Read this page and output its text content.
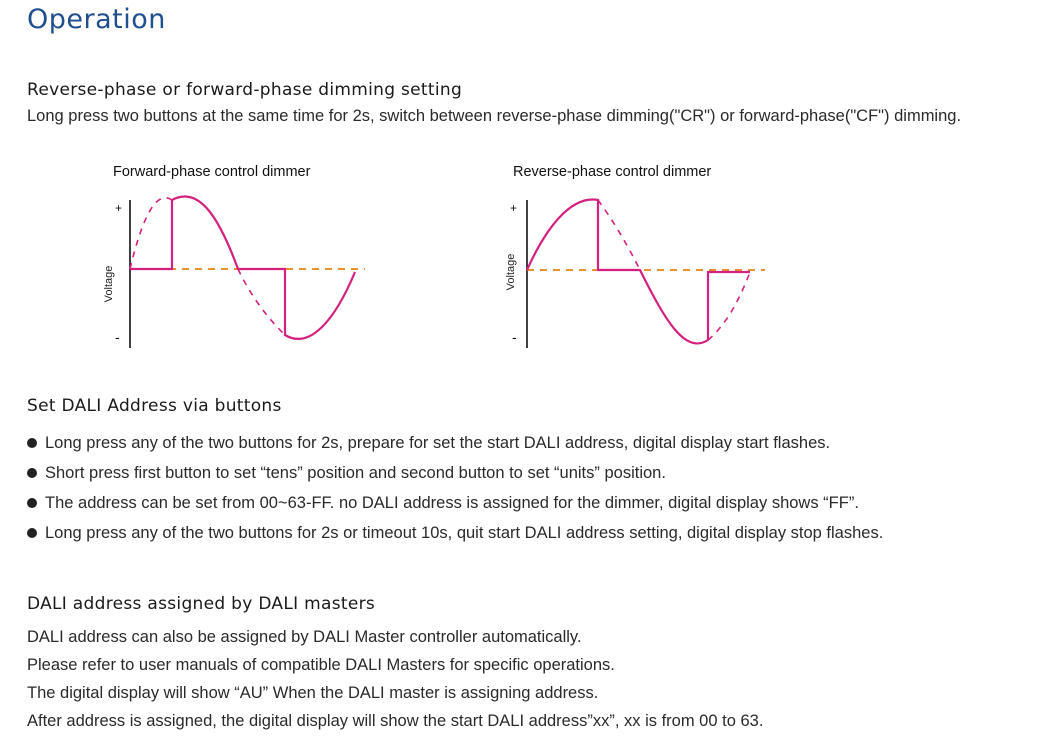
Operation
Reverse-phase or forward-phase dimming setting
Long press two buttons at the same time for 2s, switch between reverse-phase dimming("CR") or forward-phase("CF") dimming.
Forward-phase control dimmer
Voltage
+
-
Reverse-phase control dimmer
Voltage
+
-
Set DALI Address via buttons
Long press any of the two buttons for 2s, prepare for set the start DALI address, digital display start flashes.
Short press first button to set “tens” position and second button to set “units” position.
The address can be set from 00~63-FF. no DALI address is assigned for the dimmer, digital display shows “FF”.
Long press any of the two buttons for 2s or timeout 10s, quit start DALI address setting, digital display stop flashes.
DALI address assigned by DALI masters
DALI address can also be assigned by DALI Master controller automatically.
Please refer to user manuals of compatible DALI Masters for specific operations.
The digital display will show “AU” When the DALI master is assigning address.
After address is assigned, the digital display will show the start DALI address”xx”, xx is from 00 to 63.
